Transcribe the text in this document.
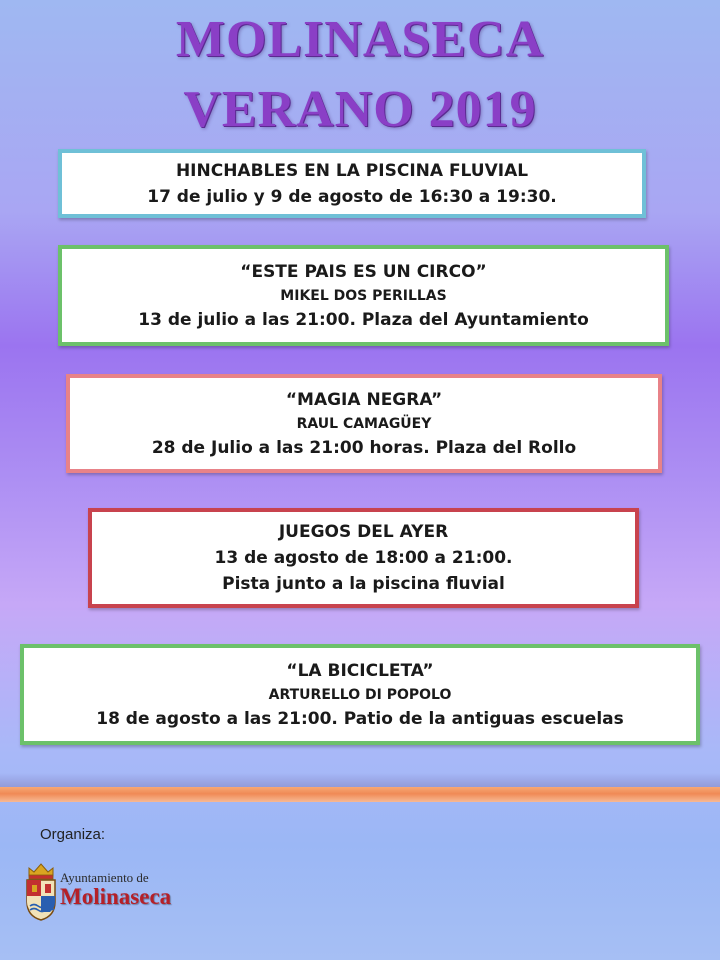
MOLINASECA
VERANO 2019
HINCHABLES EN LA PISCINA FLUVIAL
17 de julio y 9 de agosto de 16:30 a 19:30.
“ESTE PAIS ES UN CIRCO”
MIKEL DOS PERILLAS
13 de julio a las 21:00. Plaza del Ayuntamiento
“MAGIA NEGRA”
RAUL CAMAGÜEY
28 de Julio a las 21:00 horas. Plaza del Rollo
JUEGOS DEL AYER
13 de agosto de 18:00 a 21:00.
Pista junto a la piscina fluvial
“LA BICICLETA”
ARTURELLO DI POPOLO
18 de agosto a las 21:00. Patio de la antiguas escuelas
Organiza:
Ayuntamiento de
Molinaseca
